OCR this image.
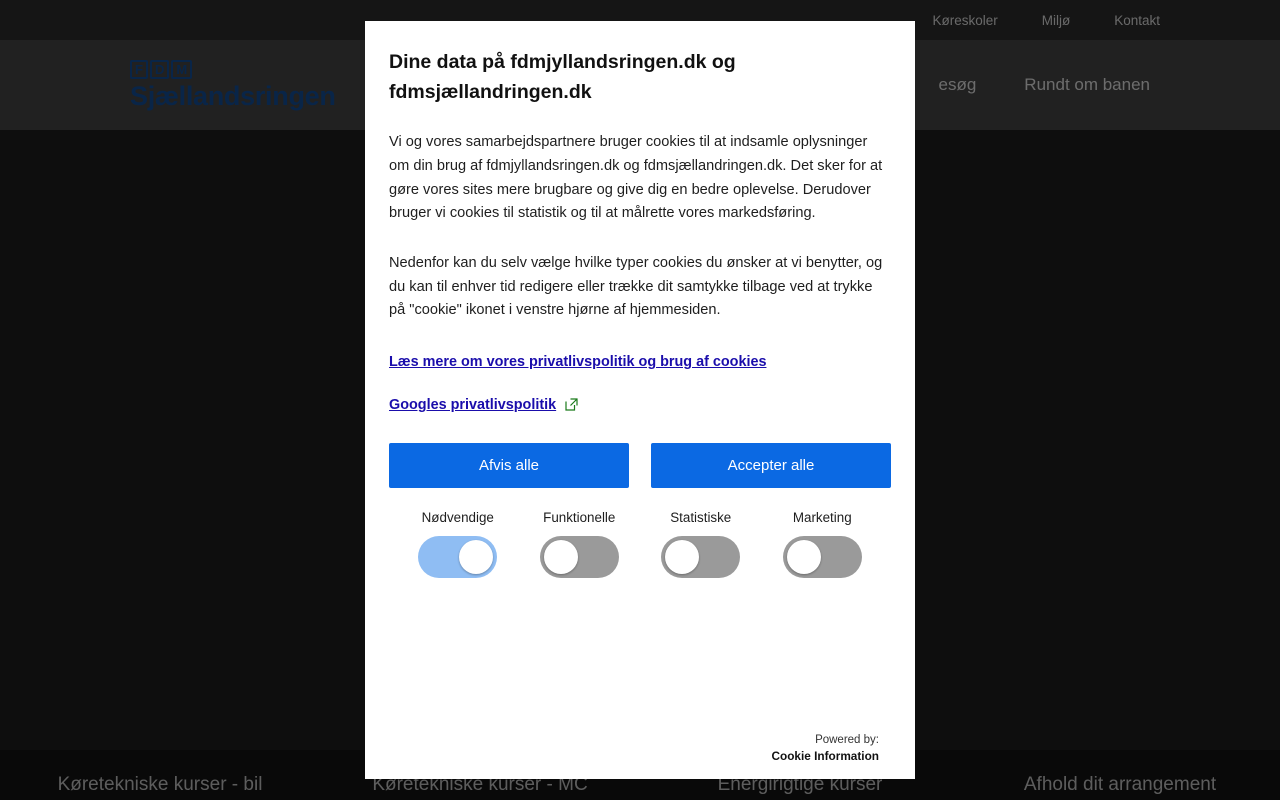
Dine data på fdmjyllandsringen.dk og fdmsjællandringen.dk

Vi og vores samarbejdspartnere bruger cookies til at indsamle oplysninger om din brug af fdmjyllandsringen.dk og fdmsjællandringen.dk. Det sker for at gøre vores sites mere brugbare og give dig en bedre oplevelse. Derudover bruger vi cookies til statistik og til at målrette vores markedsføring.

Nedenfor kan du selv vælge hvilke typer cookies du ønsker at vi benytter, og du kan til enhver tid redigere eller trække dit samtykke tilbage ved at trykke på "cookie" ikonet i venstre hjørne af hjemmesiden.

Læs mere om vores privatlivspolitik og brug af cookies
Googles privatlivspolitik
Afvis alle	Accepter alle
Nødvendige	Funktionelle	Statistiske	Marketing
Powered by:
Cookie Information
